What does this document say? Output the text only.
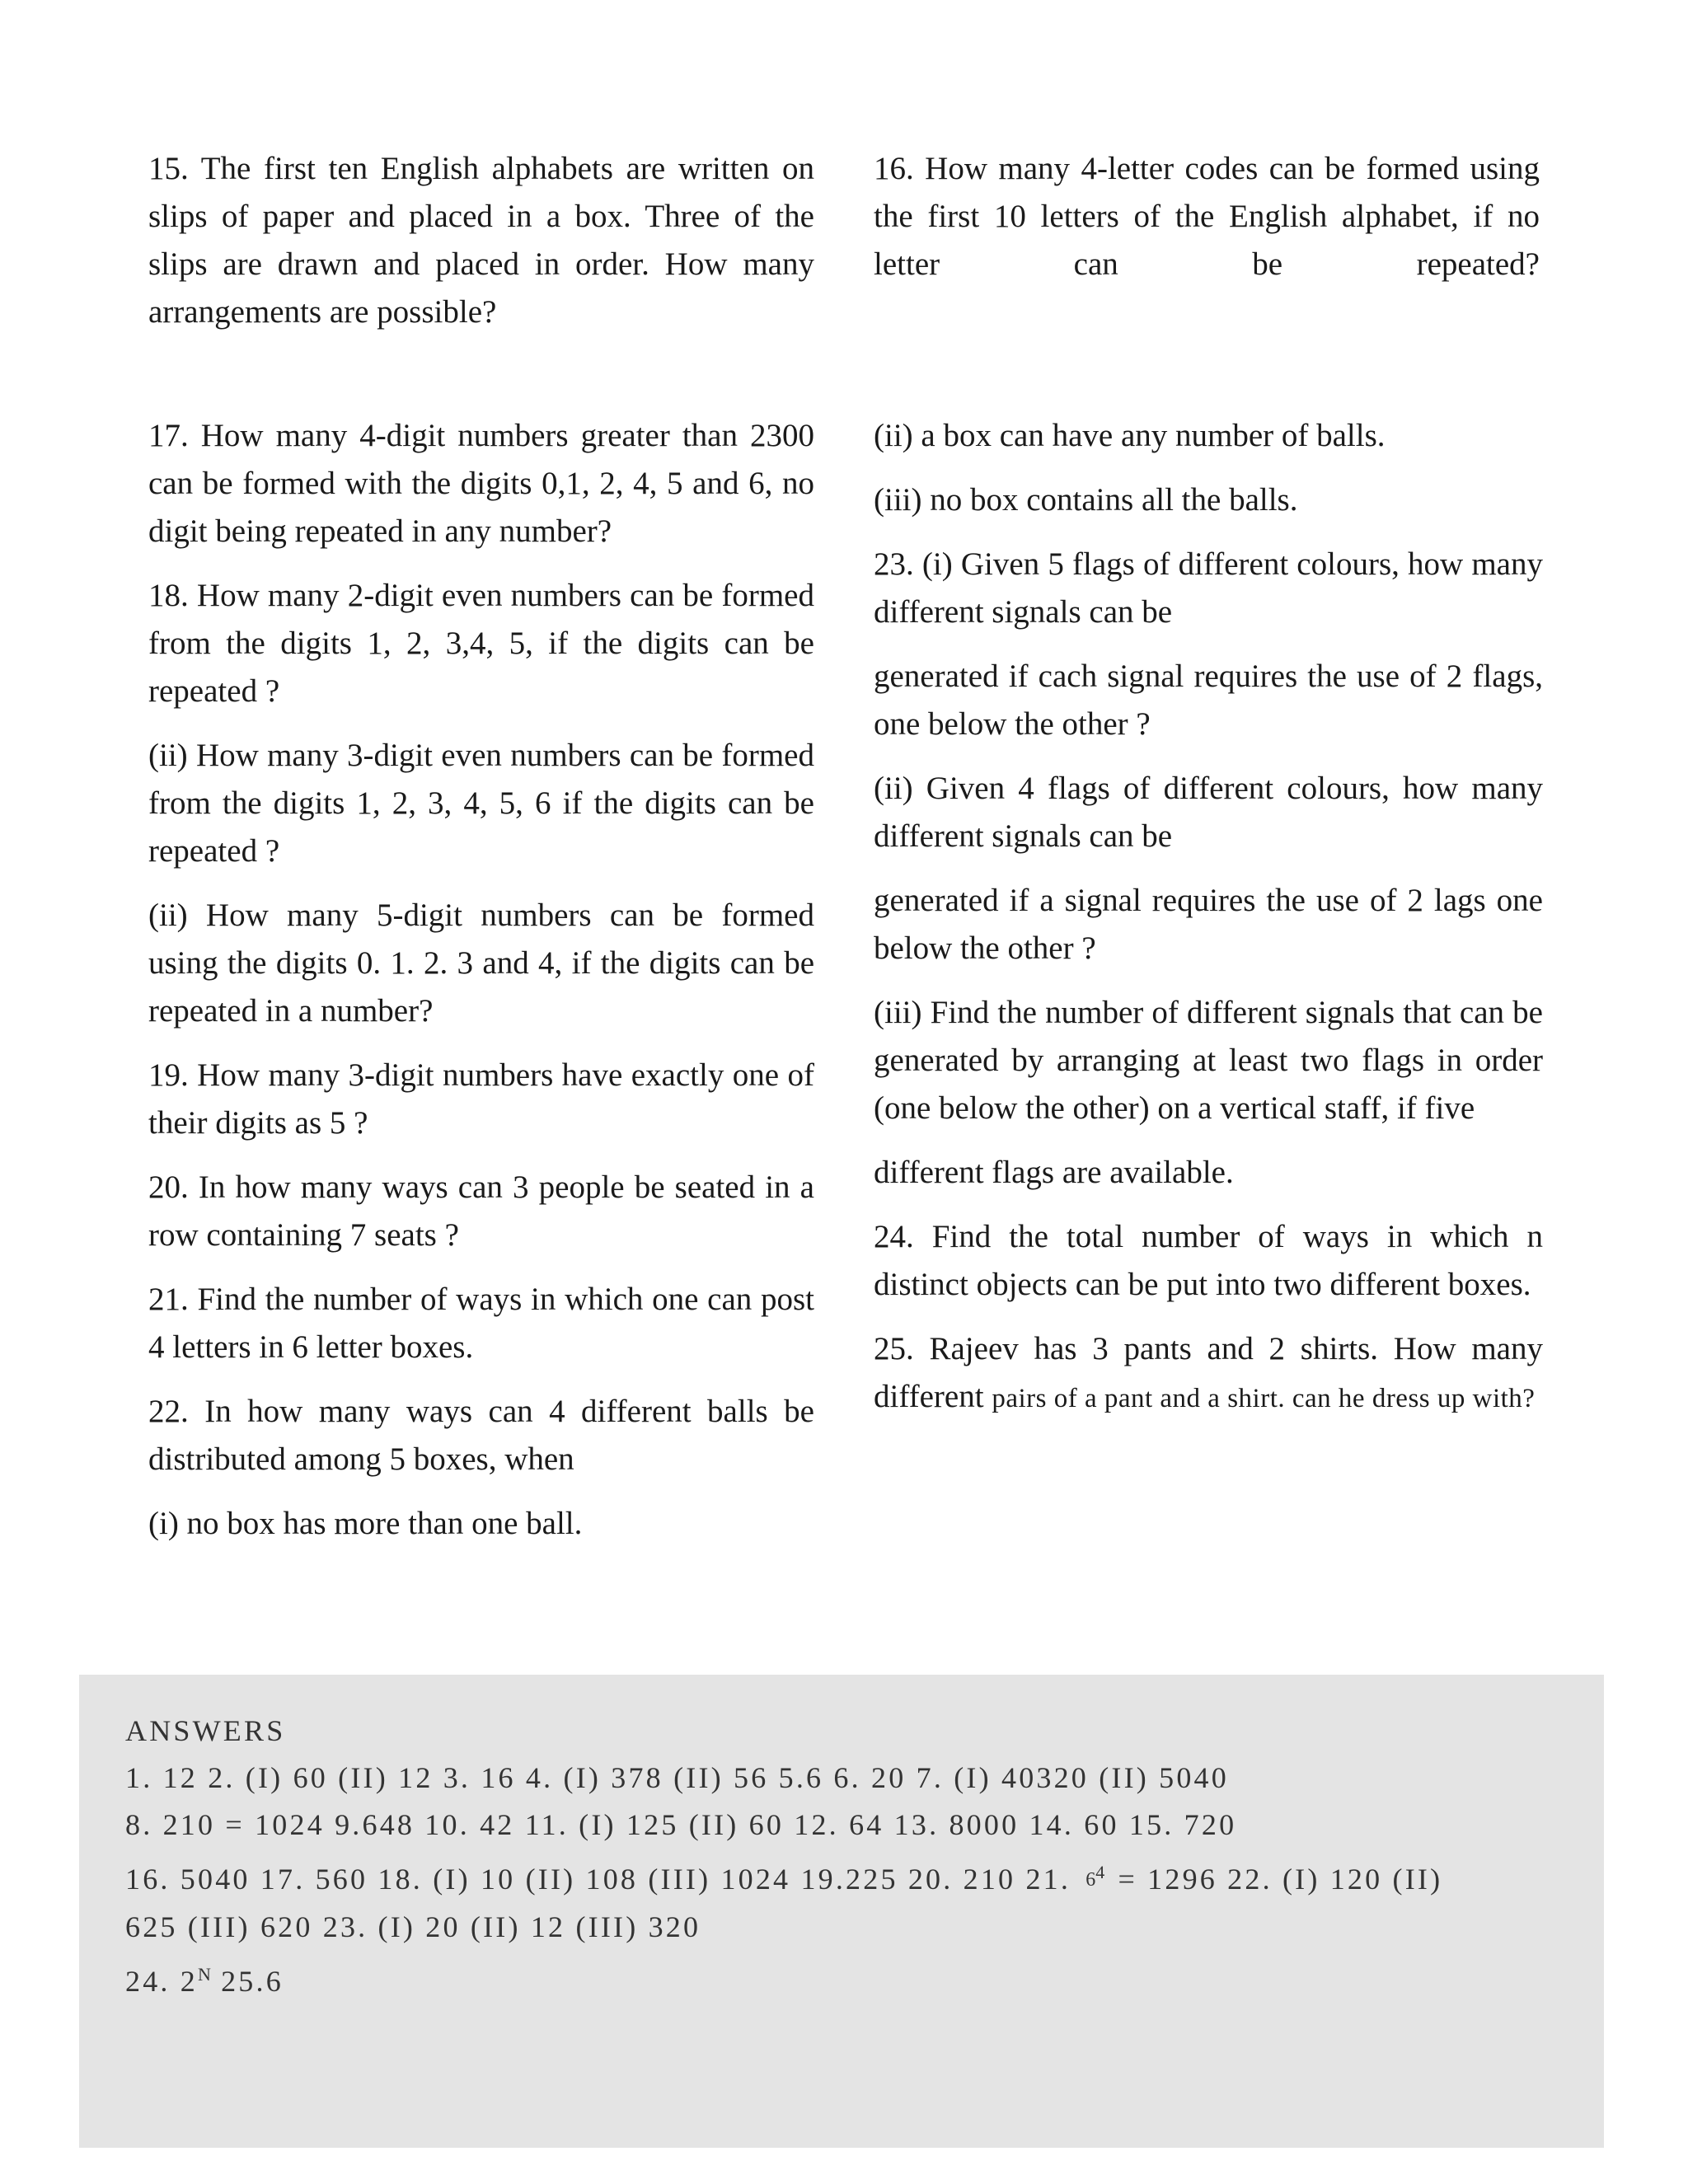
15. The first ten English alphabets are written on slips of paper and placed in a box. Three of the slips are drawn and placed in order. How many arrangements are possible?

16. How many 4-letter codes can be formed using the first 10 letters of the English alphabet, if no letter can be repeated?

17. How many 4-digit numbers greater than 2300 can be formed with the digits 0,1, 2, 4, 5 and 6, no digit being repeated in any number?

18. How many 2-digit even numbers can be formed from the digits 1, 2, 3,4, 5, if the digits can be repeated ?

(ii) How many 3-digit even numbers can be formed from the digits 1, 2, 3, 4, 5, 6 if the digits can be repeated ?

(ii) How many 5-digit numbers can be formed using the digits 0. 1. 2. 3 and 4, if the digits can be repeated in a number?

19. How many 3-digit numbers have exactly one of their digits as 5 ?

20. In how many ways can 3 people be seated in a row containing 7 seats ?

21. Find the number of ways in which one can post 4 letters in 6 letter boxes.

22. In how many ways can 4 different balls be distributed among 5 boxes, when

(i) no box has more than one ball.

(ii) a box can have any number of balls.

(iii) no box contains all the balls.

23. (i) Given 5 flags of different colours, how many different signals can be

generated if cach signal requires the use of 2 flags, one below the other ?

(ii) Given 4 flags of different colours, how many different signals can be

generated if a signal requires the use of 2 lags one below the other ?

(iii) Find the number of different signals that can be generated by arranging at least two flags in order (one below the other) on a vertical staff, if five

different flags are available.

24. Find the total number of ways in which n distinct objects can be put into two different boxes.

25. Rajeev has 3 pants and 2 shirts. How many different pairs of a pant and a shirt. can he dress up with?

ANSWERS
1. 12 2. (I) 60 (II) 12 3. 16 4. (I) 378 (II) 56 5.6 6. 20 7. (I) 40320 (II) 5040
8. 210 = 1024 9.648 10. 42 11. (I) 125 (II) 60 12. 64 13. 8000 14. 60 15. 720
16. 5040 17. 560 18. (I) 10 (II) 108 (III) 1024 19.225 20. 210 21. $6^4 = 1296$ 22. (I) 120 (II)
625 (III) 620 23. (I) 20 (II) 12 (III) 320
24. $2^N$ 25.6
